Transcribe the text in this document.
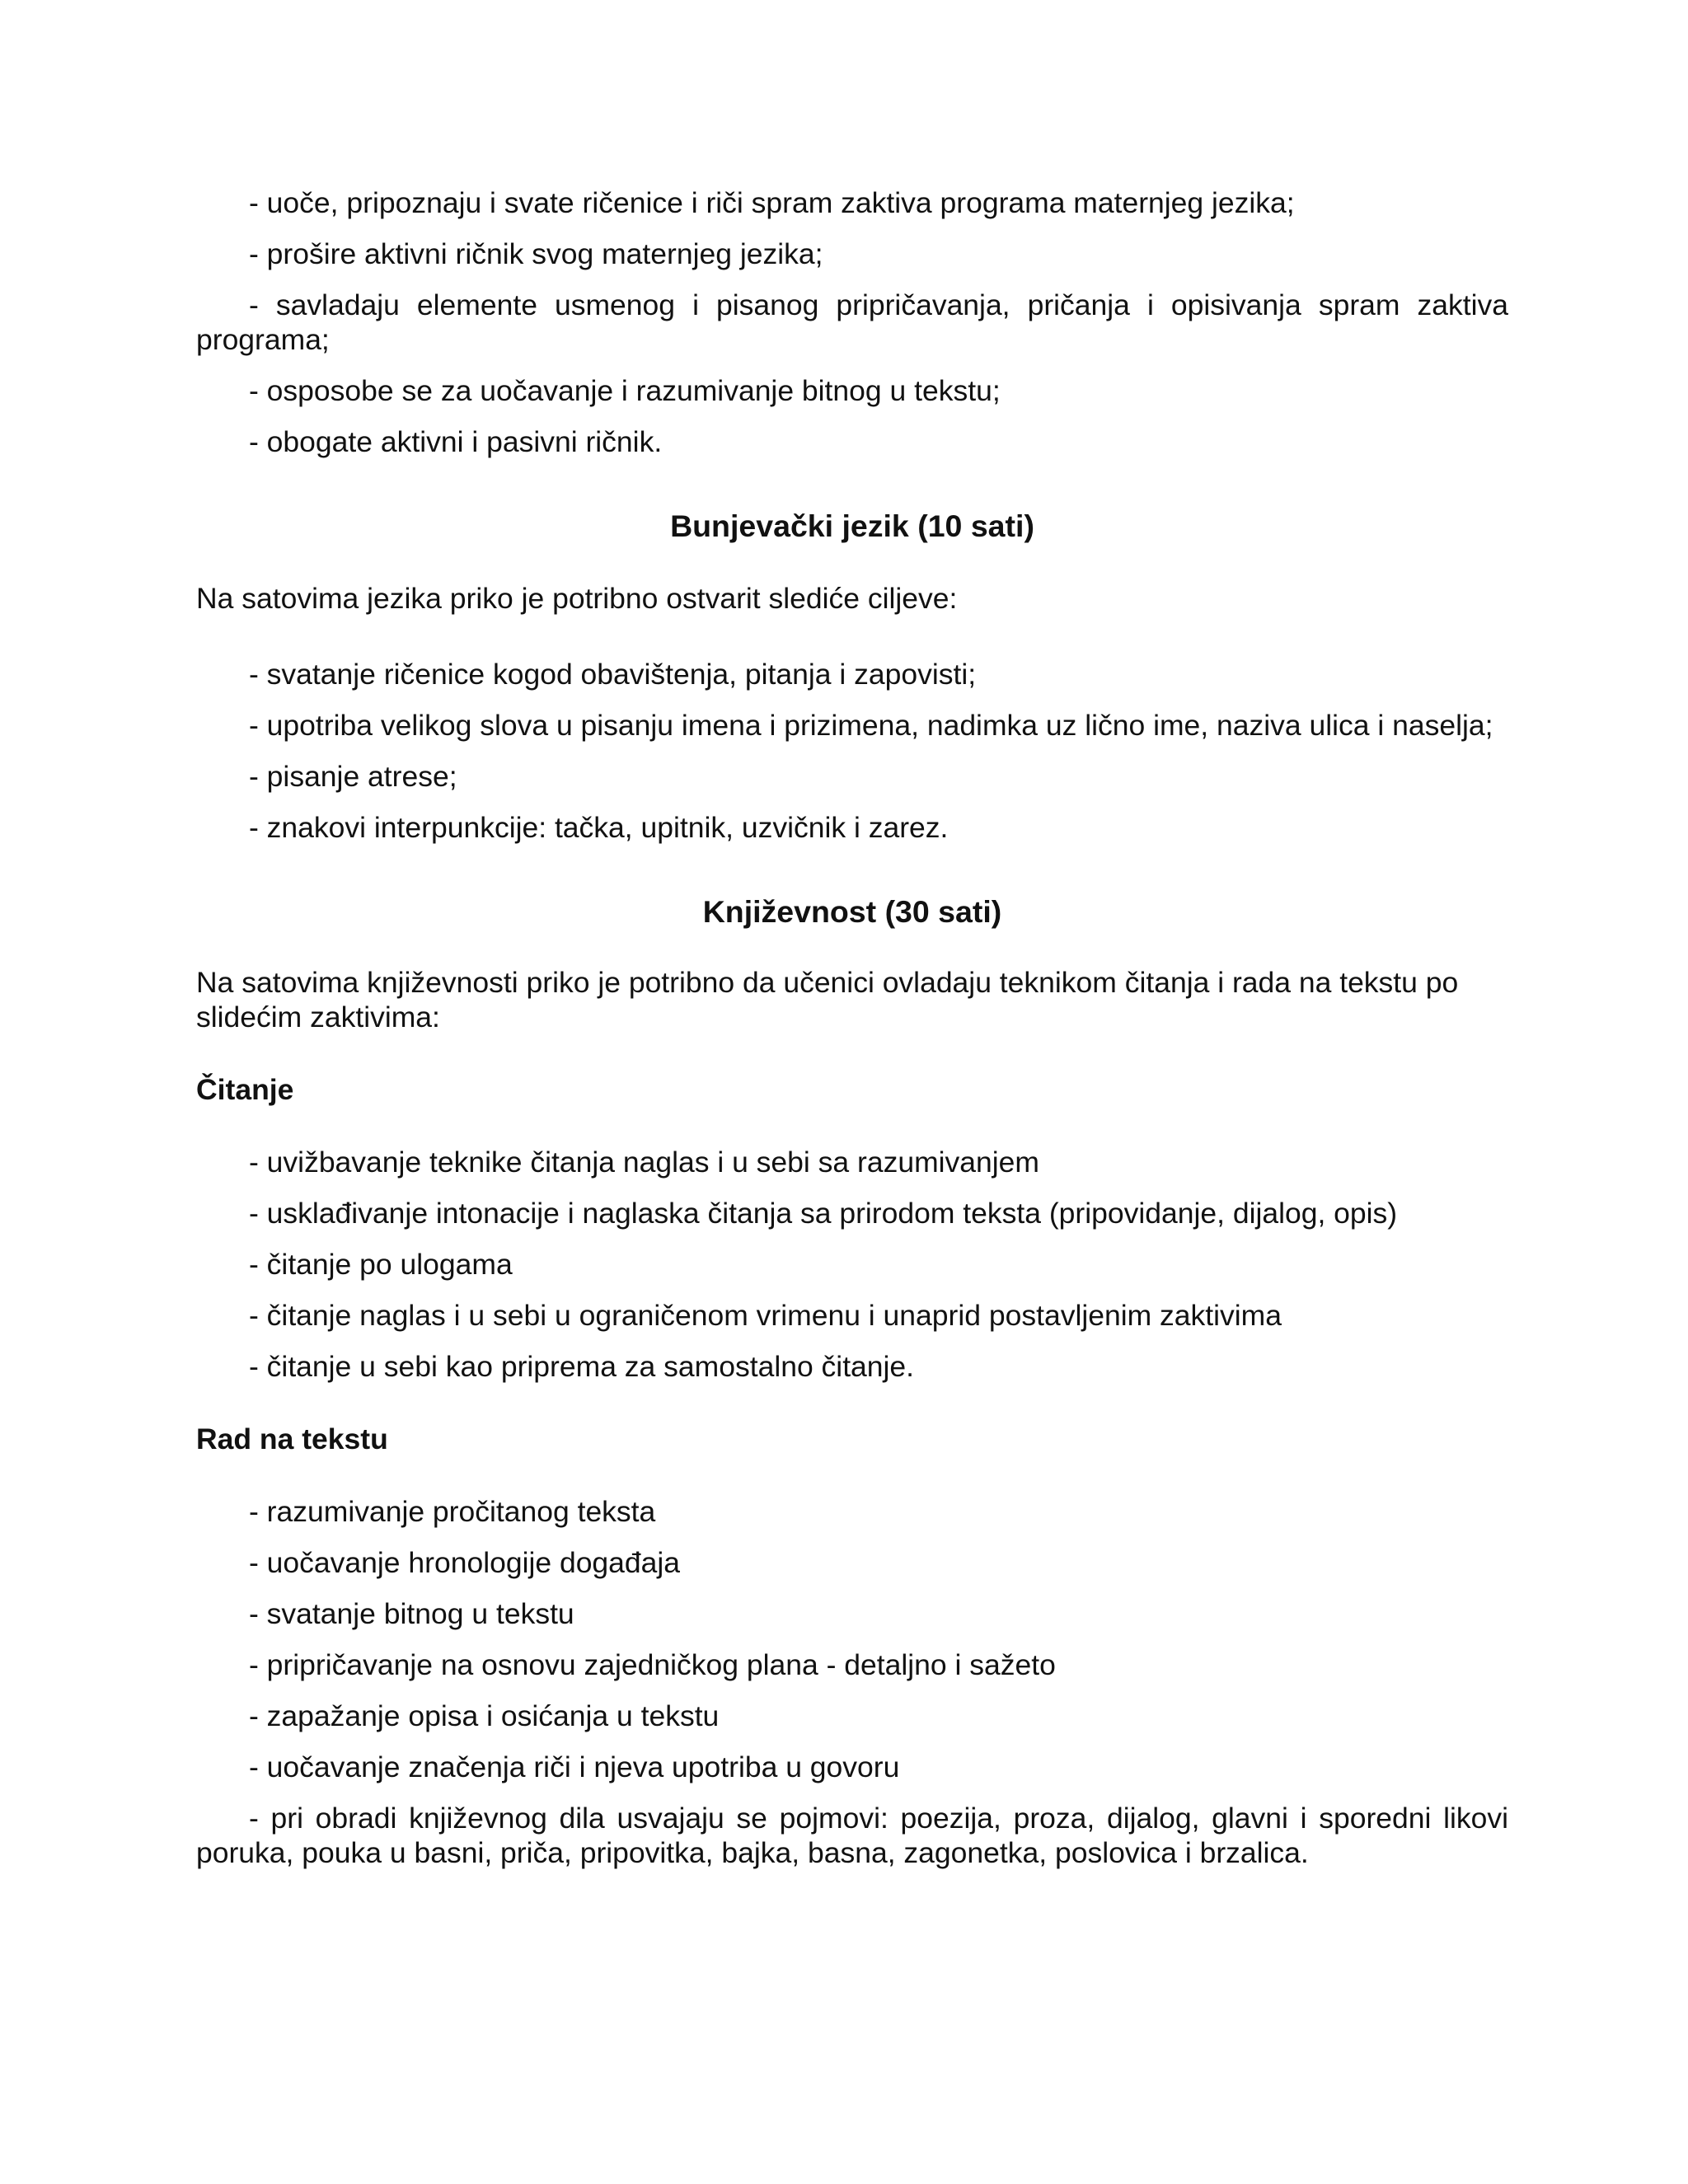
- uoče, pripoznaju i svate ričenice i riči spram zaktiva programa maternjeg jezika;

- prošire aktivni ričnik svog maternjeg jezika;

- savladaju elemente usmenog i pisanog pripričavanja, pričanja i opisivanja spram zaktiva programa;

- osposobe se za uočavanje i razumivanje bitnog u tekstu;

- obogate aktivni i pasivni ričnik.

Bunjevački jezik (10 sati)

Na satovima jezika priko je potribno ostvarit slediće ciljeve:

- svatanje ričenice kogod obavištenja, pitanja i zapovisti;

- upotriba velikog slova u pisanju imena i prizimena, nadimka uz lično ime, naziva ulica i naselja;

- pisanje atrese;

- znakovi interpunkcije: tačka, upitnik, uzvičnik i zarez.

Književnost (30 sati)

Na satovima književnosti priko je potribno da učenici ovladaju teknikom čitanja i rada na tekstu po slidećim zaktivima:

Čitanje

- uvižbavanje teknike čitanja naglas i u sebi sa razumivanjem

- usklađivanje intonacije i naglaska čitanja sa prirodom teksta (pripovidanje, dijalog, opis)

- čitanje po ulogama

- čitanje naglas i u sebi u ograničenom vrimenu i unaprid postavljenim zaktivima

- čitanje u sebi kao priprema za samostalno čitanje.

Rad na tekstu

- razumivanje pročitanog teksta

- uočavanje hronologije događaja

- svatanje bitnog u tekstu

- pripričavanje na osnovu zajedničkog plana - detaljno i sažeto

- zapažanje opisa i osićanja u tekstu

- uočavanje značenja riči i njeva upotriba u govoru

- pri obradi književnog dila usvajaju se pojmovi: poezija, proza, dijalog, glavni i sporedni likovi poruka, pouka u basni, priča, pripovitka, bajka, basna, zagonetka, poslovica i brzalica.
